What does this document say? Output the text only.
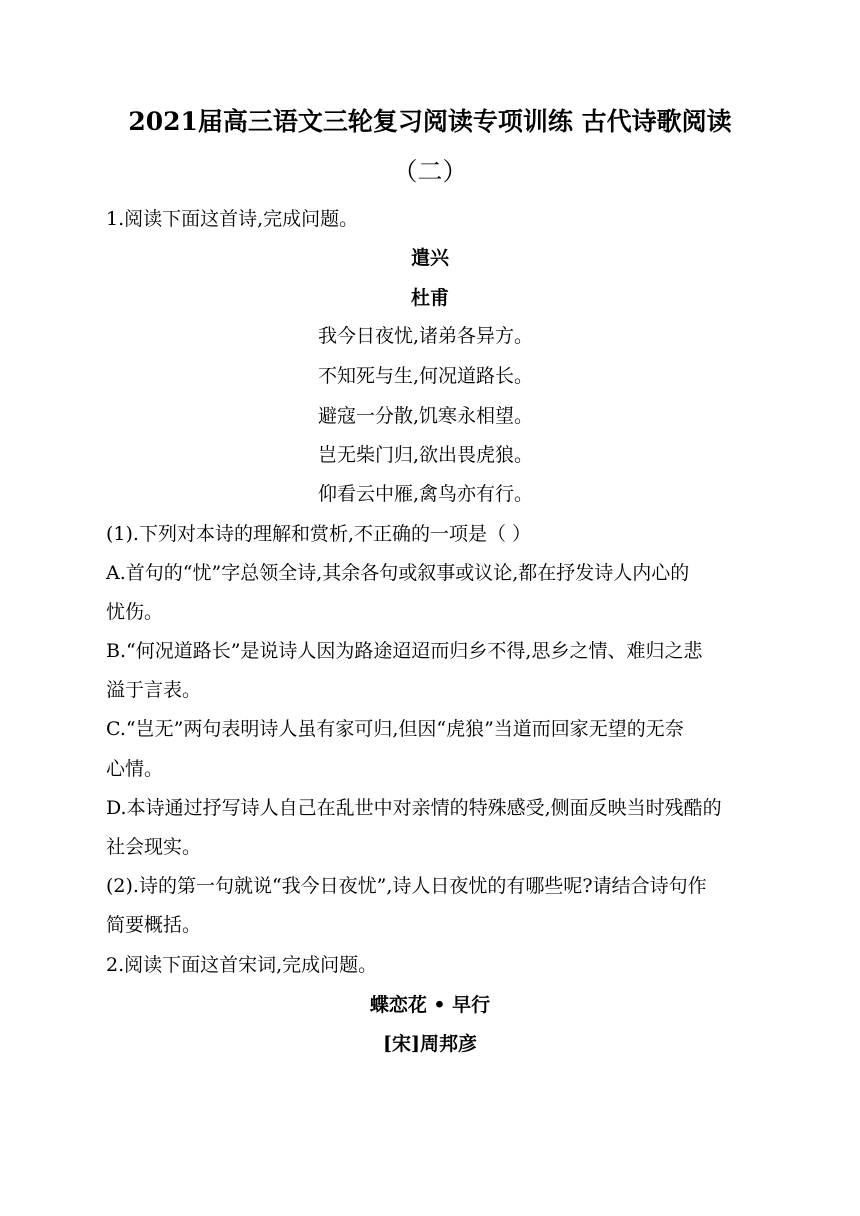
2021届高三语文三轮复习阅读专项训练 古代诗歌阅读
（二）
1.阅读下面这首诗,完成问题。
遣兴
杜甫
我今日夜忧,诸弟各异方。
不知死与生,何况道路长。
避寇一分散,饥寒永相望。
岂无柴门归,欲出畏虎狼。
仰看云中雁,禽鸟亦有行。
(1).下列对本诗的理解和赏析,不正确的一项是（ ）
A.首句的“忧”字总领全诗,其余各句或叙事或议论,都在抒发诗人内心的
忧伤。
B.“何况道路长”是说诗人因为路途迢迢而归乡不得,思乡之情、难归之悲
溢于言表。
C.“岂无”两句表明诗人虽有家可归,但因“虎狼”当道而回家无望的无奈
心情。
D.本诗通过抒写诗人自己在乱世中对亲情的特殊感受,侧面反映当时残酷的
社会现实。
(2).诗的第一句就说“我今日夜忧”,诗人日夜忧的有哪些呢?请结合诗句作
简要概括。
2.阅读下面这首宋词,完成问题。
蝶恋花 • 早行
[宋]周邦彦
